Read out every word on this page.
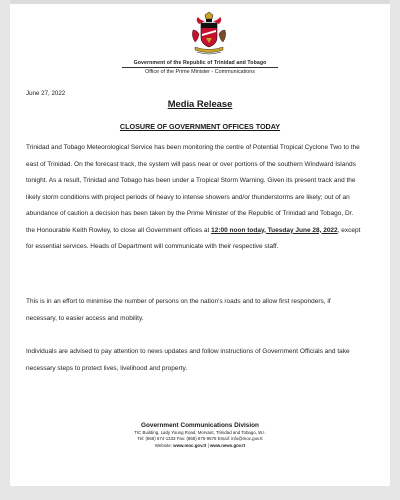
Government of the Republic of Trinidad and Tobago
Office of the Prime Minister - Communications
June 27, 2022
Media Release
CLOSURE OF GOVERNMENT OFFICES TODAY
Trinidad and Tobago Meteorological Service has been monitoring the centre of Potential Tropical Cyclone Two to the east of Trinidad. On the forecast track, the system will pass near or over portions of the southern Windward Islands tonight. As a result, Trinidad and Tobago has been under a Tropical Storm Warning. Given its present track and the likely storm conditions with project periods of heavy to intense showers and/or thunderstorms are likely; out of an abundance of caution a decision has been taken by the Prime Minister of the Republic of Trinidad and Tobago, Dr. the Honourable Keith Rowley, to close all Government offices at 12:00 noon today, Tuesday June 28, 2022, except for essential services. Heads of Department will communicate with their respective staff.
This is in an effort to minimise the number of persons on the nation's roads and to allow first responders, if necessary, to easier access and mobility.
Individuals are advised to pay attention to news updates and follow instructions of Government Officials and take necessary steps to protect lives, livelihood and property.
Government Communications Division
TIC Building, Lady Young Road, Morvant, Trinidad and Tobago, W.I.
Tel: (868) 674-1333 Fax: (868) 675-9576 Email: info@moc.gov.tt
Website: www.moc.gov.tt | www.news.gov.tt
